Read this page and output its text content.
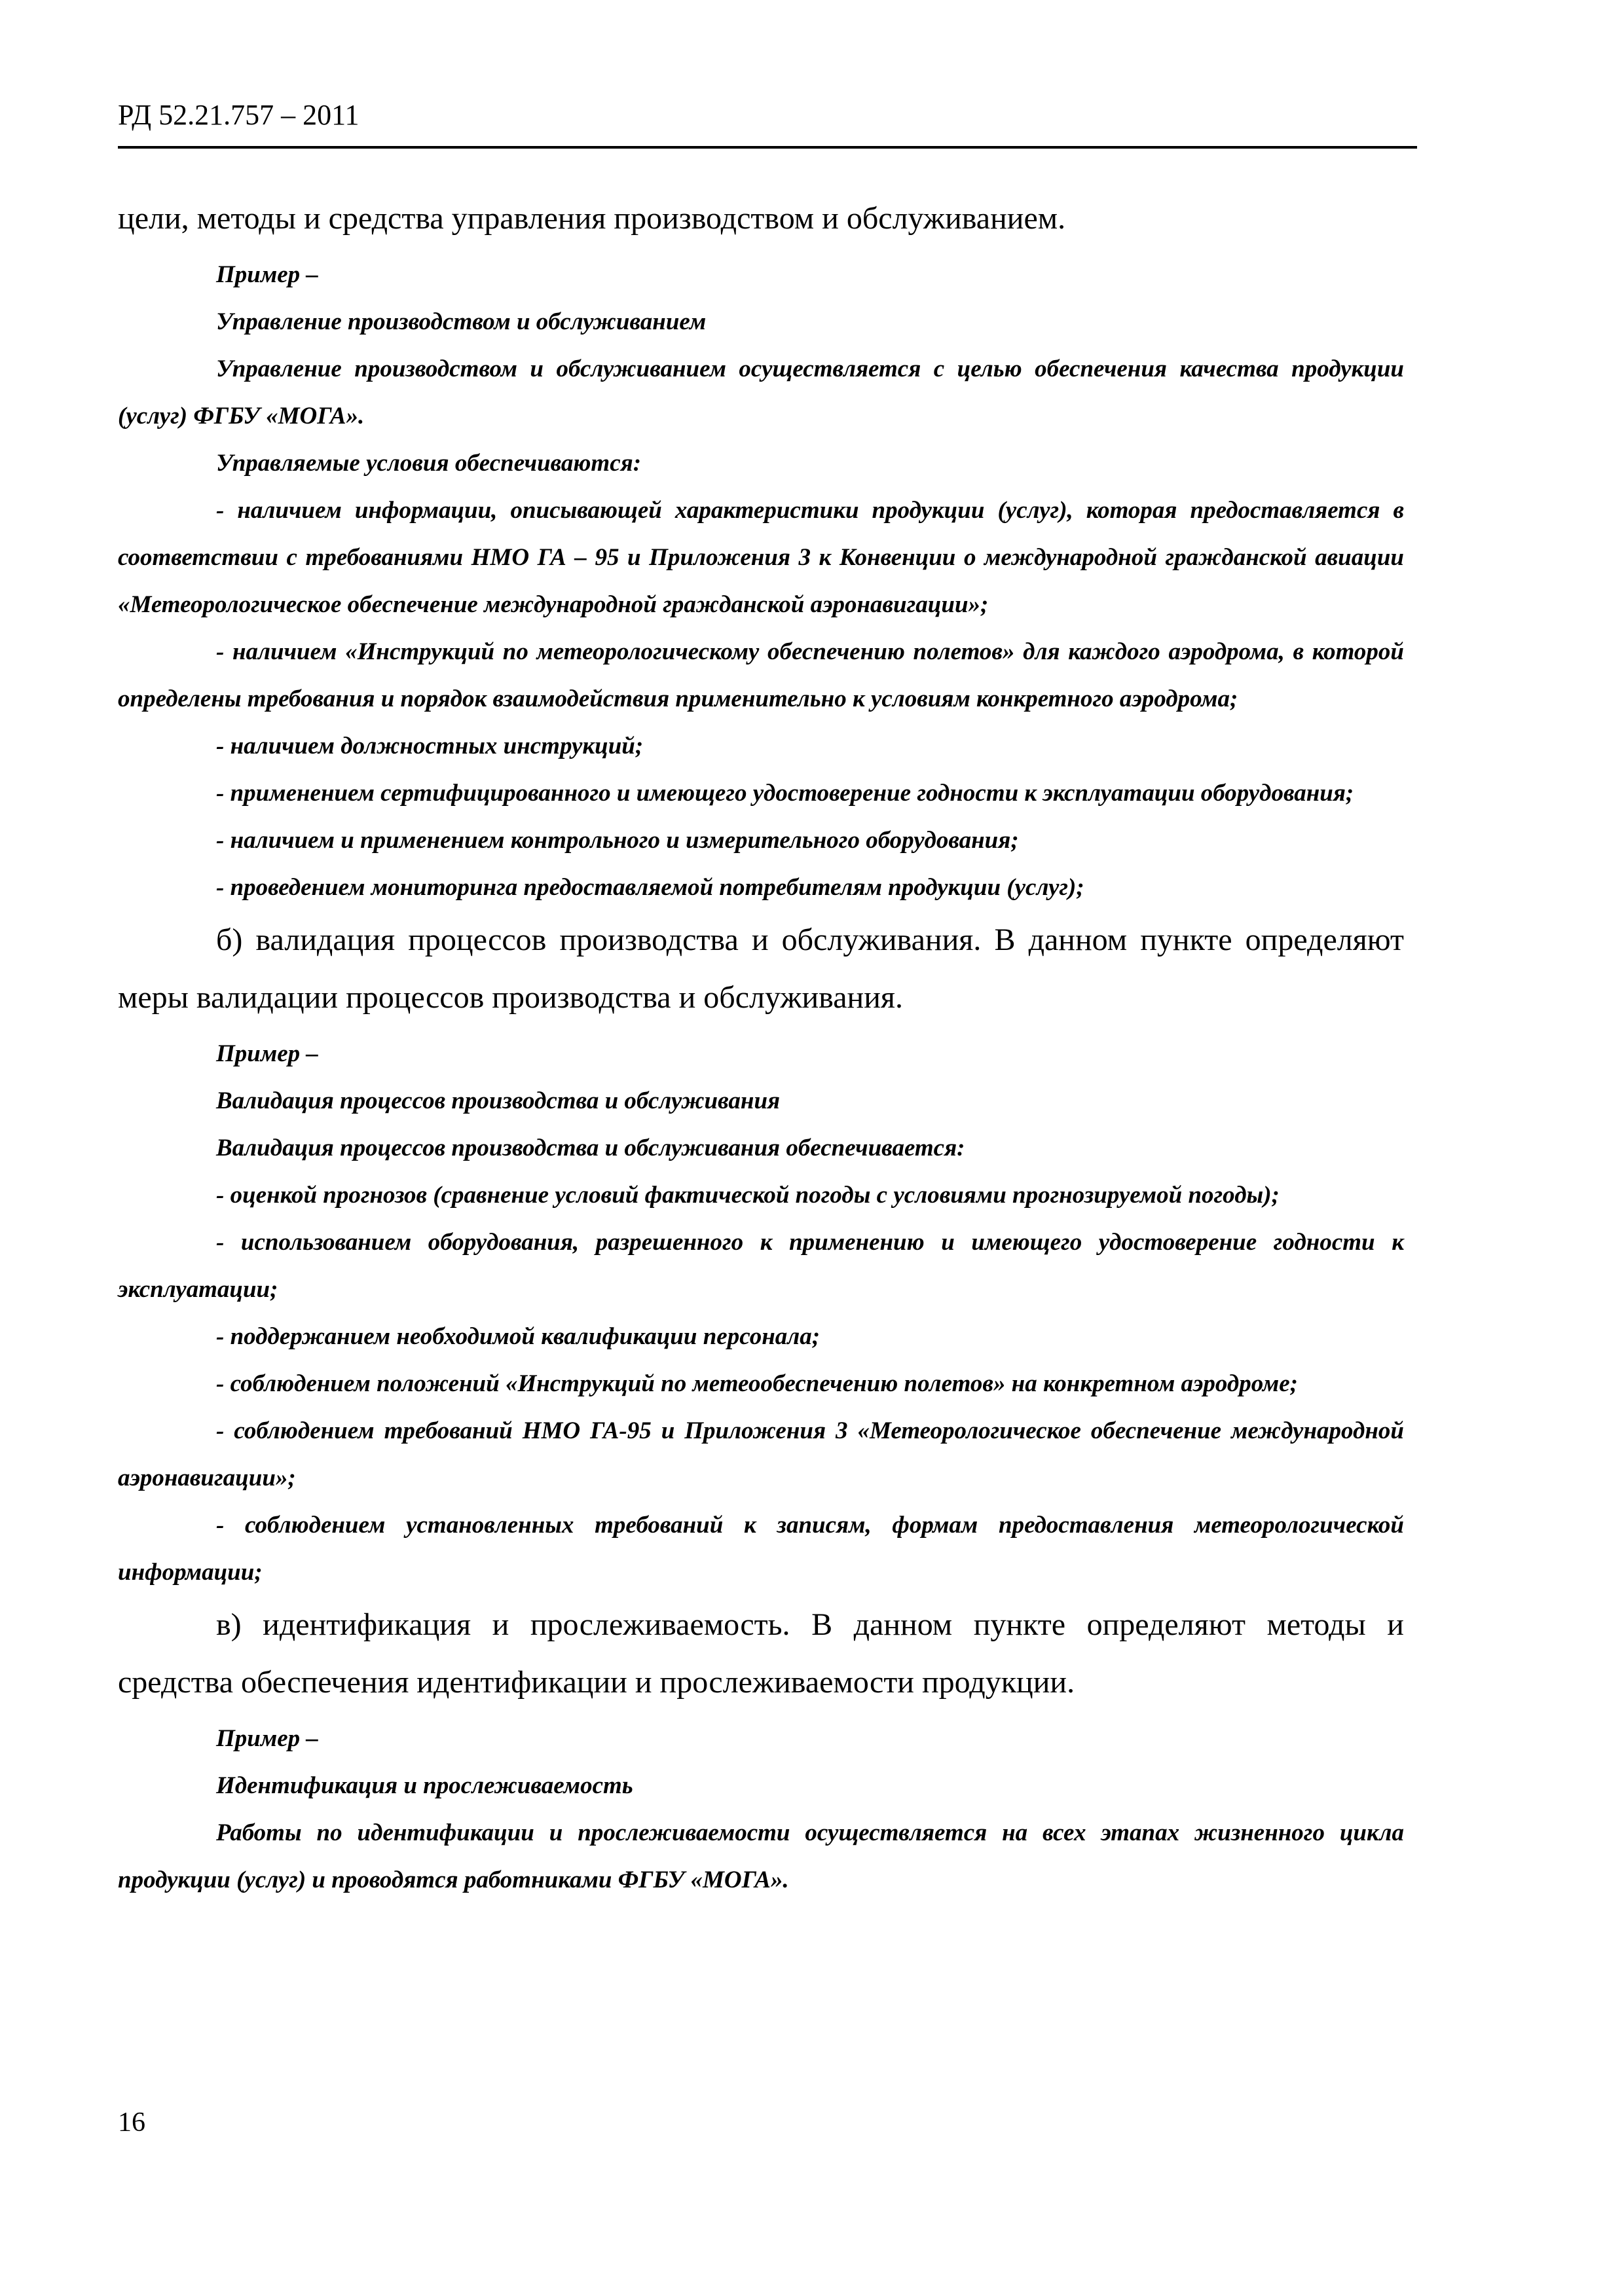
РД 52.21.757 – 2011

цели, методы и средства управления производством и обслуживанием.

Пример –

Управление производством и обслуживанием

Управление производством и обслуживанием осуществляется с целью обеспечения качества продукции (услуг) ФГБУ «МОГА».

Управляемые условия обеспечиваются:

- наличием информации, описывающей характеристики продукции (услуг), которая предоставляется в соответствии с требованиями НМО ГА – 95 и Приложения 3 к Конвенции о международной гражданской авиации «Метеорологическое обеспечение международной гражданской аэронавигации»;

- наличием «Инструкций по метеорологическому обеспечению полетов» для каждого аэродрома, в которой определены требования и порядок взаимодействия применительно к условиям конкретного аэродрома;

- наличием должностных инструкций;

- применением сертифицированного и имеющего удостоверение годности к эксплуатации оборудования;

- наличием и применением контрольного и измерительного оборудования;

- проведением мониторинга предоставляемой потребителям продукции (услуг);

б) валидация процессов производства и обслуживания. В данном пункте определяют меры валидации процессов производства и обслуживания.

Пример –

Валидация процессов производства и обслуживания

Валидация процессов производства и обслуживания обеспечивается:

- оценкой прогнозов (сравнение условий фактической погоды с условиями прогнозируемой погоды);

- использованием оборудования, разрешенного к применению и имеющего удостоверение годности к эксплуатации;

- поддержанием необходимой квалификации персонала;

- соблюдением положений «Инструкций по метеообеспечению полетов» на конкретном аэродроме;

- соблюдением требований НМО ГА-95 и Приложения 3 «Метеорологическое обеспечение международной аэронавигации»;

- соблюдением установленных требований к записям, формам предоставления метеорологической информации;

в) идентификация и прослеживаемость. В данном пункте определяют методы и средства обеспечения идентификации и прослеживаемости продукции.

Пример –

Идентификация и прослеживаемость

Работы по идентификации и прослеживаемости осуществляется на всех этапах жизненного цикла продукции (услуг) и проводятся работниками ФГБУ «МОГА».

16
